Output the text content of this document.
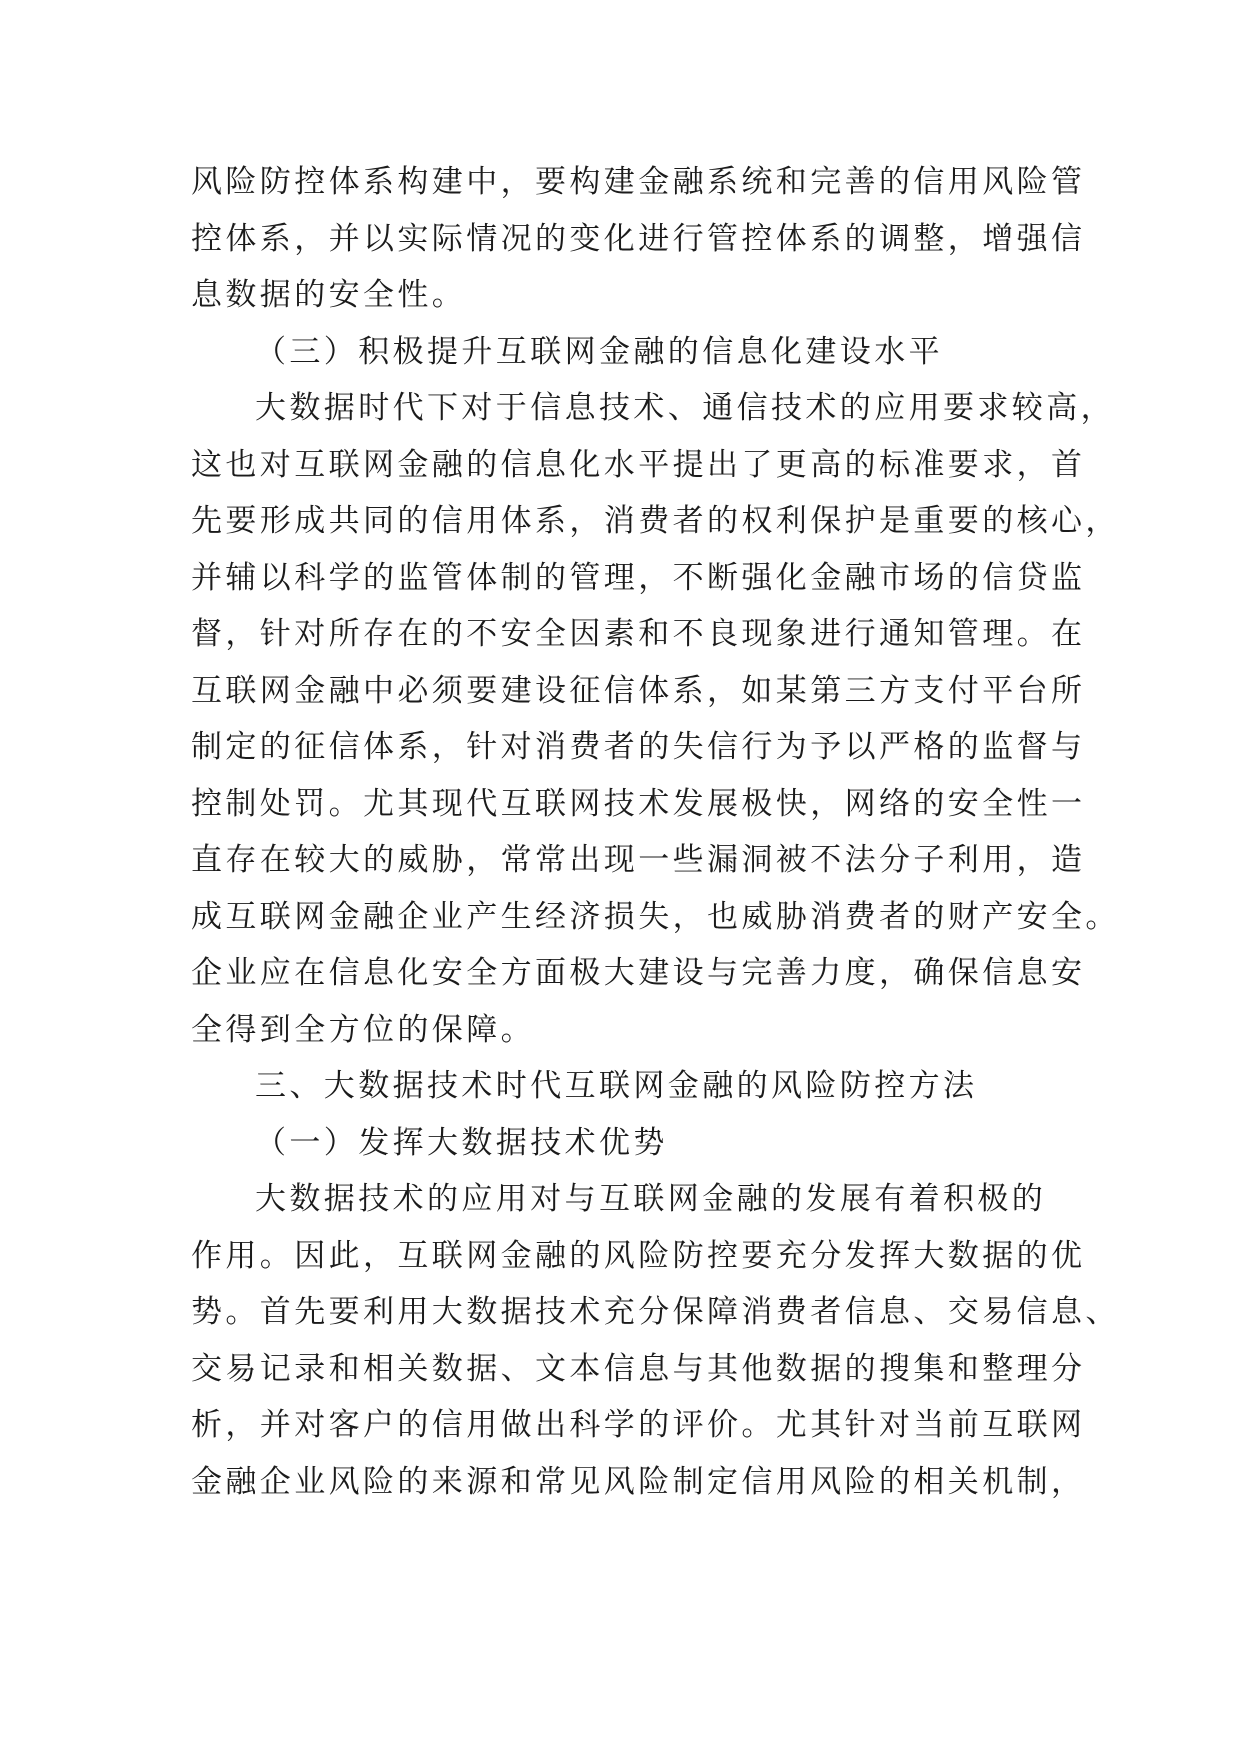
风险防控体系构建中，要构建金融系统和完善的信用风险管
控体系，并以实际情况的变化进行管控体系的调整，增强信
息数据的安全性。
（三）积极提升互联网金融的信息化建设水平
大数据时代下对于信息技术、通信技术的应用要求较高，
这也对互联网金融的信息化水平提出了更高的标准要求，首
先要形成共同的信用体系，消费者的权利保护是重要的核心，
并辅以科学的监管体制的管理，不断强化金融市场的信贷监
督，针对所存在的不安全因素和不良现象进行通知管理。在
互联网金融中必须要建设征信体系，如某第三方支付平台所
制定的征信体系，针对消费者的失信行为予以严格的监督与
控制处罚。尤其现代互联网技术发展极快，网络的安全性一
直存在较大的威胁，常常出现一些漏洞被不法分子利用，造
成互联网金融企业产生经济损失，也威胁消费者的财产安全。
企业应在信息化安全方面极大建设与完善力度，确保信息安
全得到全方位的保障。
三、大数据技术时代互联网金融的风险防控方法
（一）发挥大数据技术优势
大数据技术的应用对与互联网金融的发展有着积极的
作用。因此，互联网金融的风险防控要充分发挥大数据的优
势。首先要利用大数据技术充分保障消费者信息、交易信息、
交易记录和相关数据、文本信息与其他数据的搜集和整理分
析，并对客户的信用做出科学的评价。尤其针对当前互联网
金融企业风险的来源和常见风险制定信用风险的相关机制，
